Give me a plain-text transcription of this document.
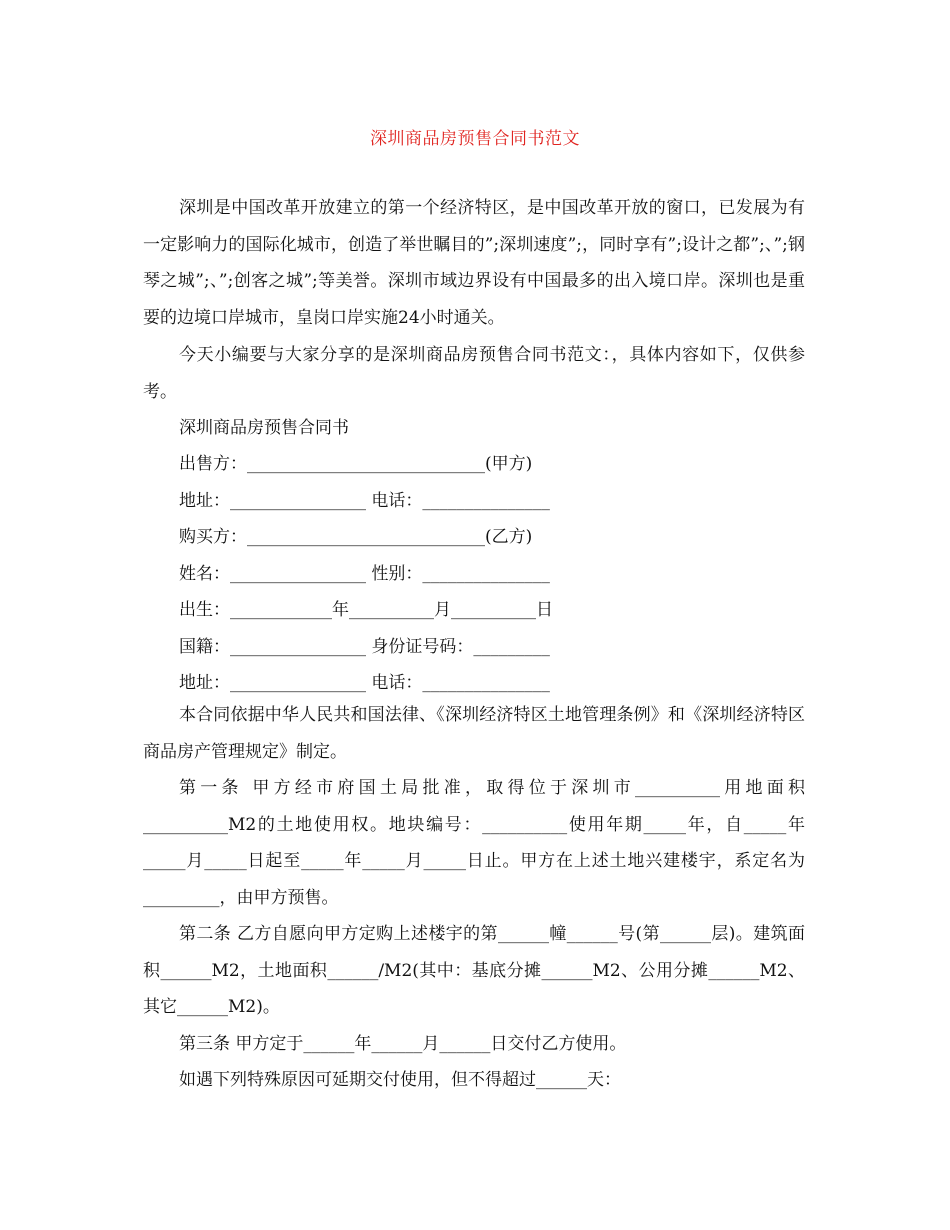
深圳商品房预售合同书范文

深圳是中国改革开放建立的第一个经济特区，是中国改革开放的窗口，已发展为有一定影响力的国际化城市，创造了举世瞩目的”;深圳速度”;，同时享有”;设计之都”;、”;钢琴之城”;、”;创客之城”;等美誉。深圳市域边界设有中国最多的出入境口岸。深圳也是重要的边境口岸城市，皇岗口岸实施24小时通关。

今天小编要与大家分享的是深圳商品房预售合同书范文：，具体内容如下，仅供参考。

深圳商品房预售合同书

出售方：____________________________(甲方)

地址：________________ 电话：_______________

购买方：____________________________(乙方)

姓名：________________ 性别：_______________

出生：____________年__________月__________日

国籍：________________ 身份证号码：_________

地址：________________ 电话：_______________

本合同依据中华人民共和国法律、《深圳经济特区土地管理条例》和《深圳经济特区商品房产管理规定》制定。

第一条 甲方经市府国土局批准，取得位于深圳市__________用地面积__________M2的土地使用权。地块编号：__________使用年期_____年，自_____年_____月_____日起至_____年_____月_____日止。甲方在上述土地兴建楼宇，系定名为_________，由甲方预售。

第二条 乙方自愿向甲方定购上述楼宇的第______幢______号(第______层)。建筑面积______M2，土地面积______/M2(其中：基底分摊______M2、公用分摊______M2、其它______M2)。

第三条 甲方定于______年______月______日交付乙方使用。

如遇下列特殊原因可延期交付使用，但不得超过______天：
